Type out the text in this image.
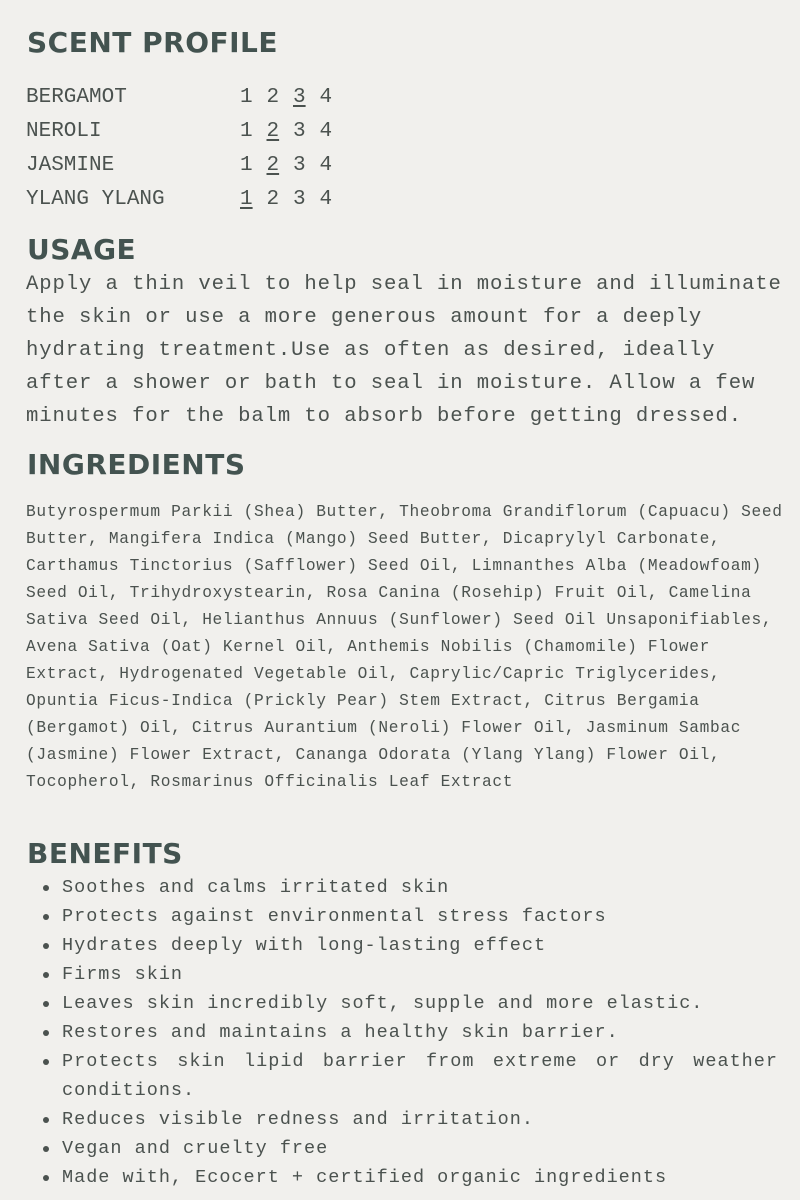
SCENT PROFILE
BERGAMOT	1 2 3 4
NEROLI	1 2 3 4
JASMINE	1 2 3 4
YLANG YLANG	1 2 3 4
USAGE

Apply a thin veil to help seal in moisture and illuminate the skin or use a more generous amount for a deeply hydrating treatment.Use as often as desired, ideally after a shower or bath to seal in moisture. Allow a few minutes for the balm to absorb before getting dressed.

INGREDIENTS

Butyrospermum Parkii (Shea) Butter, Theobroma Grandiflorum (Capuacu) Seed Butter, Mangifera Indica (Mango) Seed Butter, Dicaprylyl Carbonate, Carthamus Tinctorius (Safflower) Seed Oil, Limnanthes Alba (Meadowfoam) Seed Oil, Trihydroxystearin, Rosa Canina (Rosehip) Fruit Oil, Camelina Sativa Seed Oil, Helianthus Annuus (Sunflower) Seed Oil Unsaponifiables, Avena Sativa (Oat) Kernel Oil, Anthemis Nobilis (Chamomile) Flower Extract, Hydrogenated Vegetable Oil, Caprylic/Capric Triglycerides, Opuntia Ficus-Indica (Prickly Pear) Stem Extract, Citrus Bergamia (Bergamot) Oil, Citrus Aurantium (Neroli) Flower Oil, Jasminum Sambac (Jasmine) Flower Extract, Cananga Odorata (Ylang Ylang) Flower Oil, Tocopherol, Rosmarinus Officinalis Leaf Extract

BENEFITS
Soothes and calms irritated skin
Protects against environmental stress factors
Hydrates deeply with long-lasting effect
Firms skin
Leaves skin incredibly soft, supple and more elastic.
Restores and maintains a healthy skin barrier.
Protects skin lipid barrier from extreme or dry weather conditions.
Reduces visible redness and irritation.
Vegan and cruelty free
Made with, Ecocert + certified organic ingredients
